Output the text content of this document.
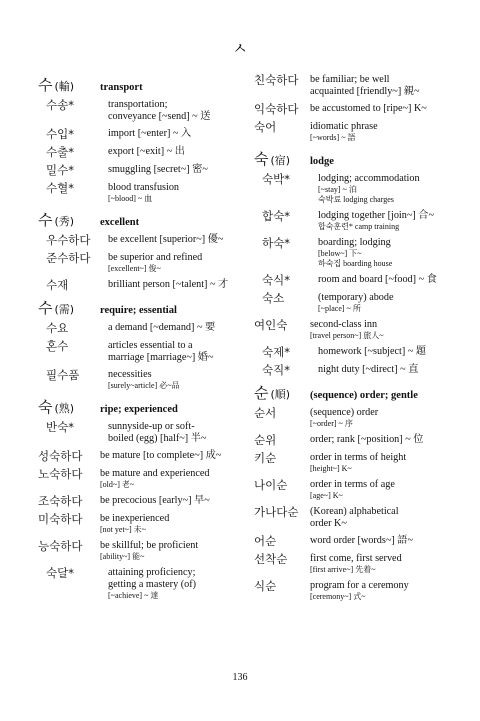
ㅅ
수 (輸)	transport
수송*	transportation;
conveyance [~send] ~ 送
수입*	import [~enter] ~ 入
수출*	export [~exit] ~ 出
밀수*	smuggling [secret~] 密~
수혈*	blood transfusion
[~blood] ~ 血
수 (秀)	excellent
우수하다	be excellent [superior~] 優~
준수하다	be superior and refined
[excellent~] 俊~
수재	brilliant person [~talent] ~ 才
수 (需)	require; essential
수요	a demand [~demand] ~ 要
혼수	articles essential to a
marriage [marriage~] 婚~
필수품	necessities
[surely~article] 必~品
숙 (熟)	ripe; experienced
반숙*	sunnyside-up or soft-
boiled (egg) [half~] 半~
성숙하다	be mature [to complete~] 成~
노숙하다	be mature and experienced
[old~] 老~
조숙하다	be precocious [early~] 早~
미숙하다	be inexperienced
[not yet~] 未~
능숙하다	be skillful; be proficient
[ability~] 能~
숙달*	attaining proficiency;
getting a mastery (of)
[~achieve] ~ 達
친숙하다	be familiar; be well
acquainted [friendly~] 親~
익숙하다	be accustomed to [ripe~] K~
숙어	idiomatic phrase
[~words] ~ 語
숙 (宿)	lodge
숙박*	lodging; accommodation
[~stay] ~ 泊
숙박료 lodging charges
합숙*	lodging together [join~] 合~
합숙훈련* camp training
하숙*	boarding; lodging
[below~] 下~
하숙집 boarding house
숙식*	room and board [~food] ~ 食
숙소	(temporary) abode
[~place] ~ 所
여인숙	second-class inn
[travel person~] 旅人~
숙제*	homework [~subject] ~ 題
숙직*	night duty [~direct] ~ 直
순 (順)	(sequence) order; gentle
순서	(sequence) order
[~order] ~ 序
순위	order; rank [~position] ~ 位
키순	order in terms of height
[height~] K~
나이순	order in terms of age
[age~] K~
가나다순	(Korean) alphabetical
order K~
어순	word order [words~] 語~
선착순	first come, first served
[first arrive~] 先着~
식순	program for a ceremony
[ceremony~] 式~
136
